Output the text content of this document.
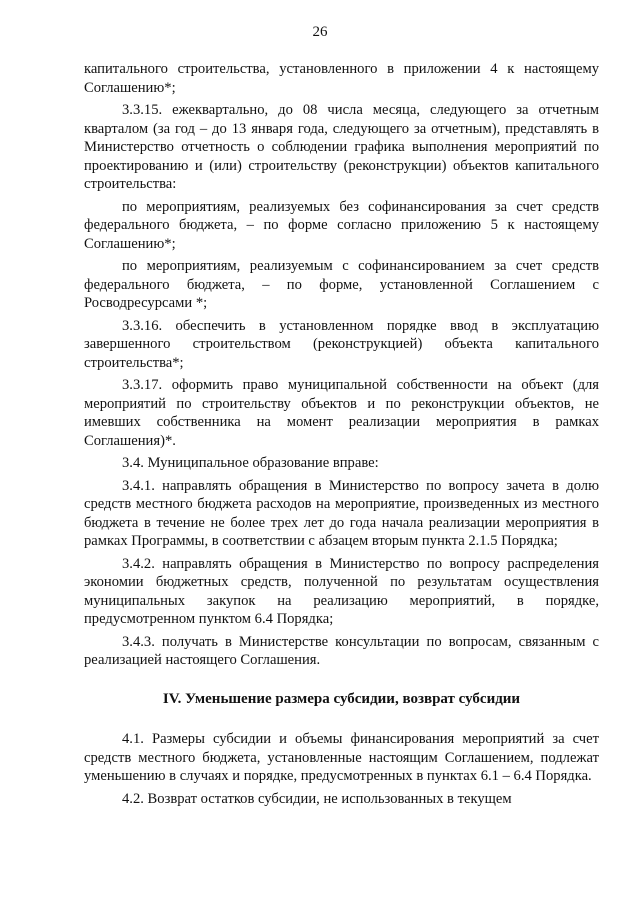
26

капитального строительства, установленного в приложении 4 к настоящему Соглашению*;

3.3.15. ежеквартально, до 08 числа месяца, следующего за отчетным кварталом (за год – до 13 января года, следующего за отчетным), представлять в Министерство отчетность о соблюдении графика выполнения мероприятий по проектированию и (или) строительству (реконструкции) объектов капитального строительства:

по мероприятиям, реализуемых без софинансирования за счет средств федерального бюджета, – по форме согласно приложению 5 к настоящему Соглашению*;

по мероприятиям, реализуемым с софинансированием за счет средств федерального бюджета, – по форме, установленной Соглашением с Росводресурсами *;

3.3.16. обеспечить в установленном порядке ввод в эксплуатацию завершенного строительством (реконструкцией) объекта капитального строительства*;

3.3.17. оформить право муниципальной собственности на объект (для мероприятий по строительству объектов и по реконструкции объектов, не имевших собственника на момент реализации мероприятия в рамках Соглашения)*.

3.4. Муниципальное образование вправе:

3.4.1. направлять обращения в Министерство по вопросу зачета в долю средств местного бюджета расходов на мероприятие, произведенных из местного бюджета в течение не более трех лет до года начала реализации мероприятия в рамках Программы, в соответствии с абзацем вторым пункта 2.1.5 Порядка;

3.4.2. направлять обращения в Министерство по вопросу распределения экономии бюджетных средств, полученной по результатам осуществления муниципальных закупок на реализацию мероприятий, в порядке, предусмотренном пунктом 6.4 Порядка;

3.4.3. получать в Министерстве консультации по вопросам, связанным с реализацией настоящего Соглашения.

IV. Уменьшение размера субсидии, возврат субсидии

4.1. Размеры субсидии и объемы финансирования мероприятий за счет средств местного бюджета, установленные настоящим Соглашением, подлежат уменьшению в случаях и порядке, предусмотренных в пунктах 6.1 – 6.4 Порядка.

4.2. Возврат остатков субсидии, не использованных в текущем
